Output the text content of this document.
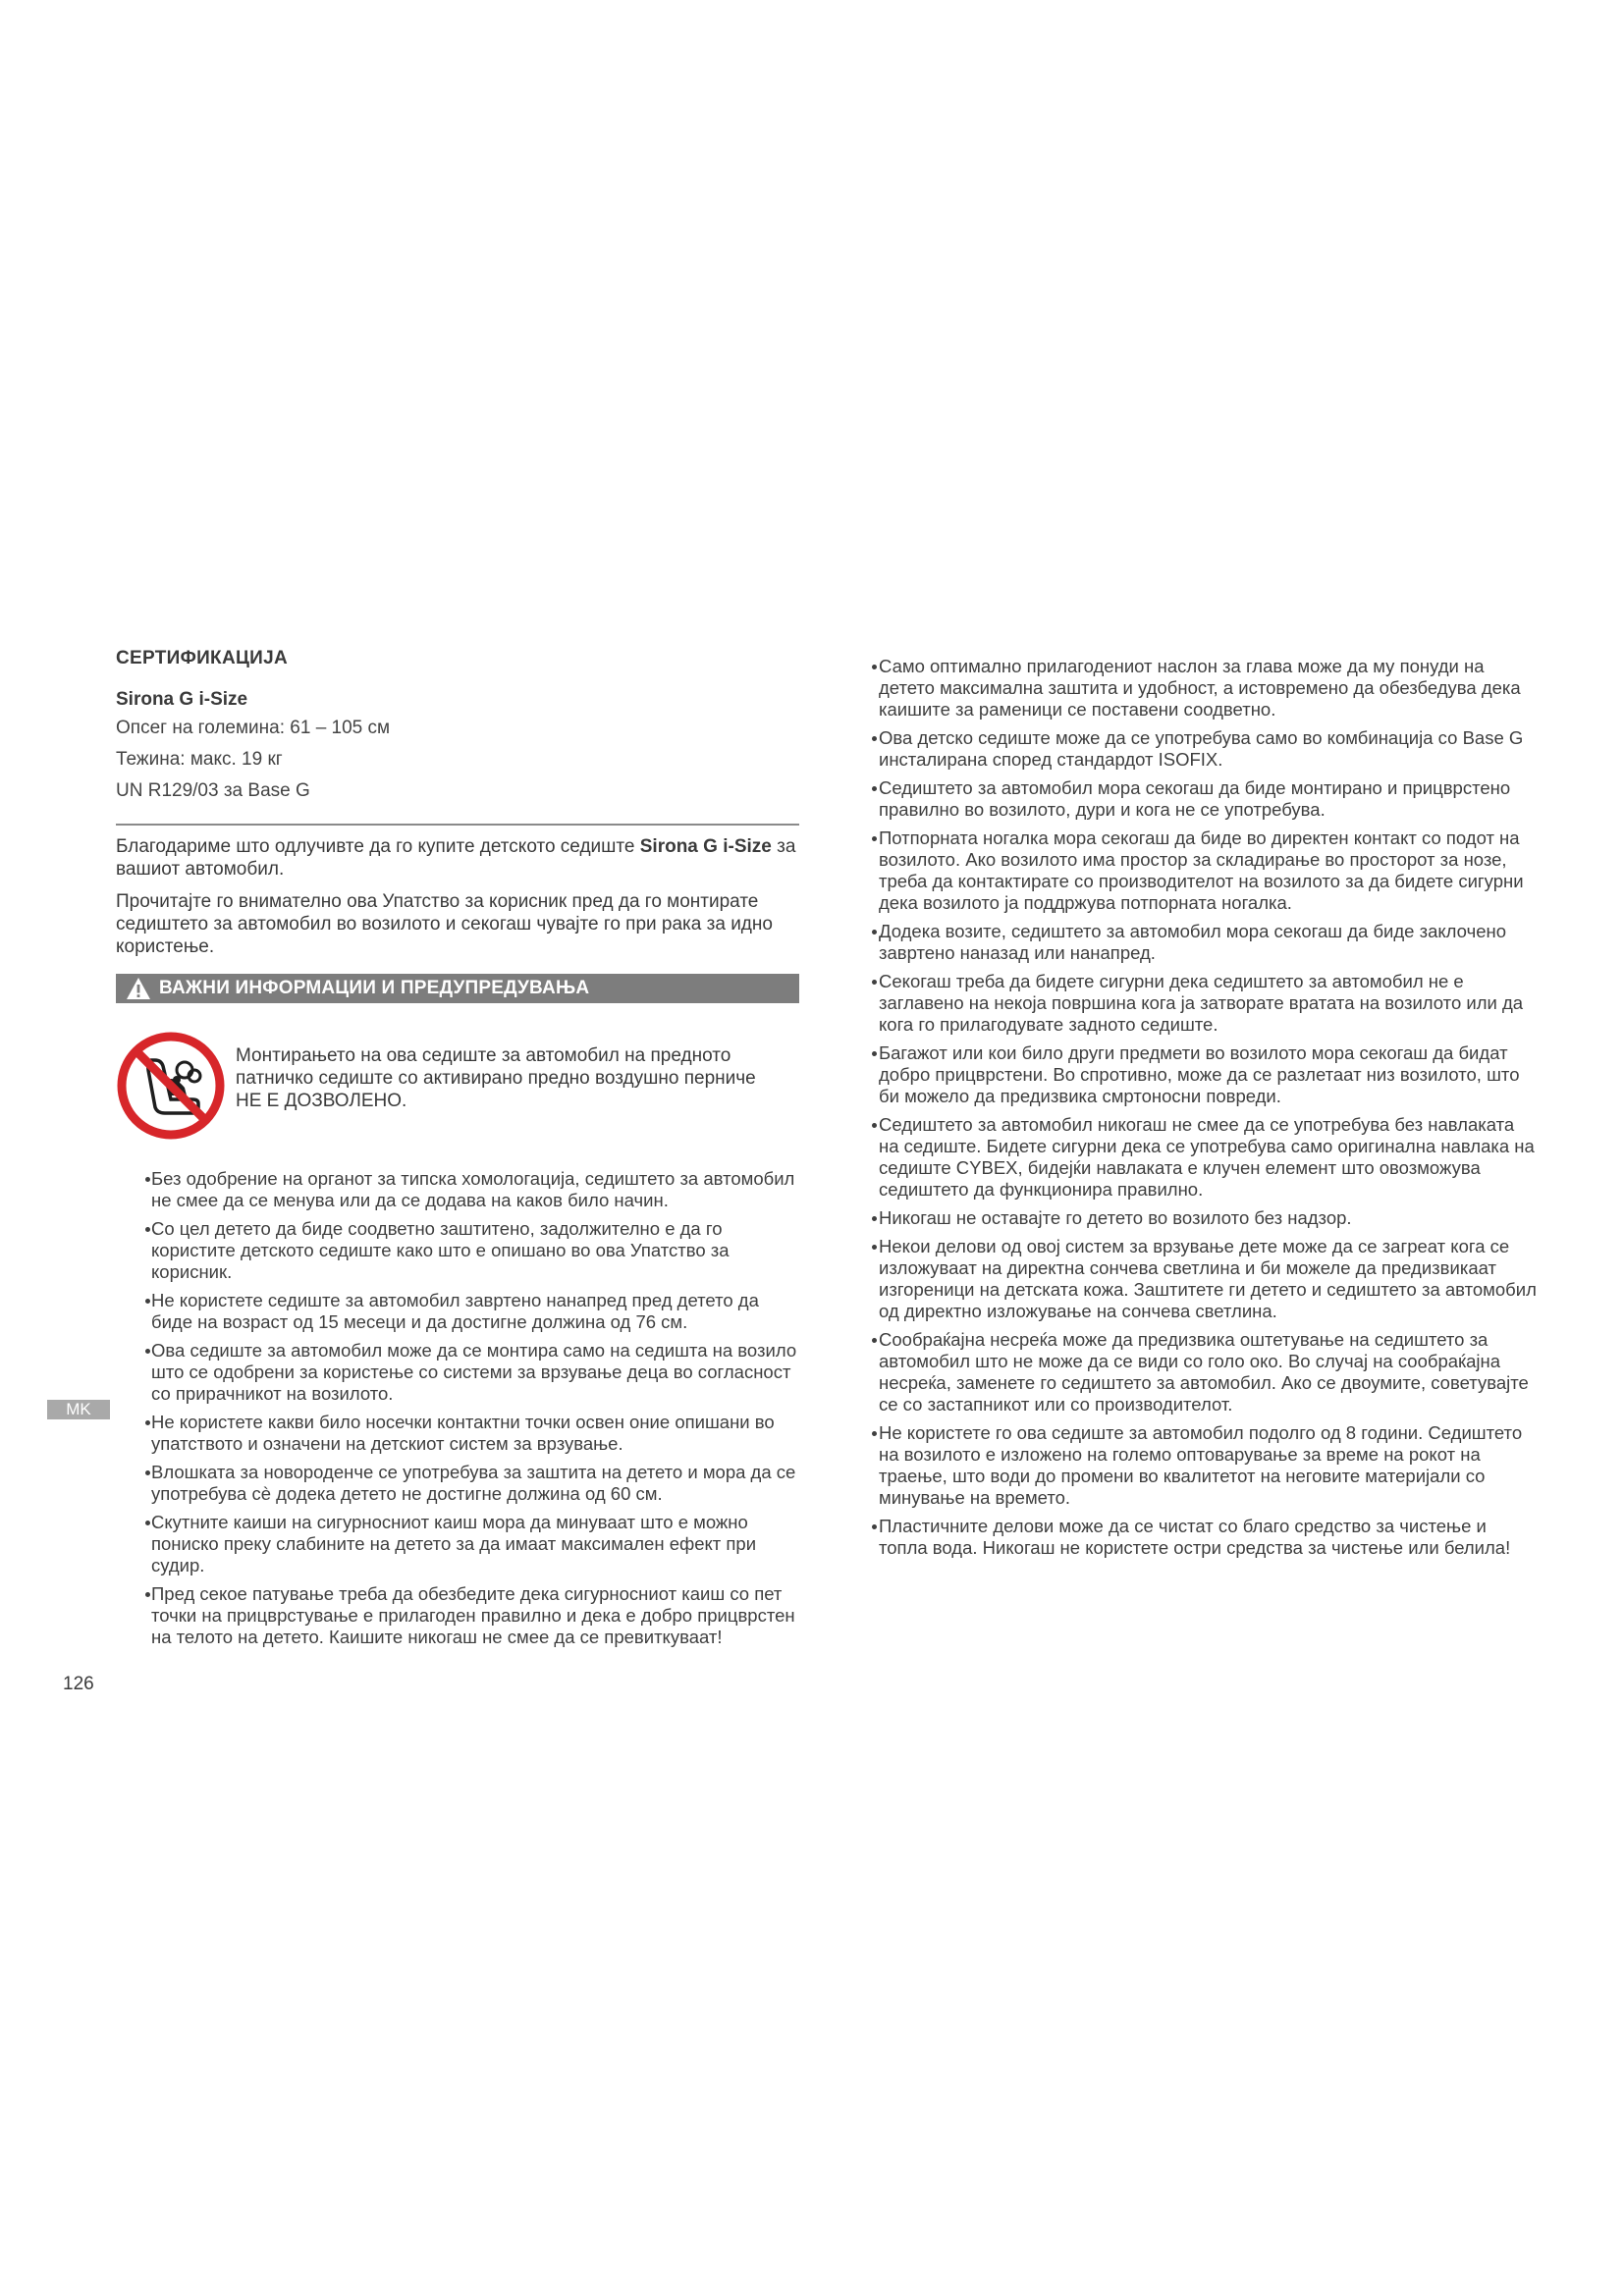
СЕРТИФИКАЦИЈА
Sirona G i-Size
Опсег на големина: 61 – 105 см
Тежина: макс. 19 кг
UN R129/03 за Base G

Благодариме што одлучивте да го купите детското седиште Sirona G i-Size за вашиот автомобил.

Прочитајте го внимателно ова Упатство за корисник пред да го монтирате седиштето за автомобил во возилото и секогаш чувајте го при рака за идно користење.

ВАЖНИ ИНФОРМАЦИИ И ПРЕДУПРЕДУВАЊА
Монтирањето на ова седиште за автомобил на предното патничко седиште со активирано предно воздушно перниче НЕ Е ДОЗВОЛЕНО.
Без одобрение на органот за типска хомологација, седиштето за автомобил не смее да се менува или да се додава на каков било начин.
Со цел детето да биде соодветно заштитено, задолжително е да го користите детското седиште како што е опишано во ова Упатство за корисник.
Не користете седиште за автомобил завртено нанапред пред детето да биде на возраст од 15 месеци и да достигне должина од 76 см.
Ова седиште за автомобил може да се монтира само на седишта на возило што се одобрени за користење со системи за врзување деца во согласност со прирачникот на возилото.
Не користете какви било носечки контактни точки освен оние опишани во упатството и означени на детскиот систем за врзување.
Влошката за новороденче се употребува за заштита на детето и мора да се употребува сè додека детето не достигне должина од 60 см.
Скутните каиши на сигурносниот каиш мора да минуваат што е можно пониско преку слабините на детето за да имаат максимален ефект при судир.
Пред секое патување треба да обезбедите дека сигурносниот каиш со пет точки на прицврстување е прилагоден правилно и дека е добро прицврстен на телото на детето. Каишите никогаш не смее да се превиткуваат!
Само оптимално прилагодениот наслон за глава може да му понуди на детето максимална заштита и удобност, а истовремено да обезбедува дека каишите за раменици се поставени соодветно.
Ова детско седиште може да се употребува само во комбинација со Base G инсталирана според стандардот ISOFIX.
Седиштето за автомобил мора секогаш да биде монтирано и прицврстено правилно во возилото, дури и кога не се употребува.
Потпорната ногалка мора секогаш да биде во директен контакт со подот на возилото. Ако возилото има простор за складирање во просторот за нозе, треба да контактирате со производителот на возилото за да бидете сигурни дека возилото ја поддржува потпорната ногалка.
Додека возите, седиштето за автомобил мора секогаш да биде заклочено завртено наназад или нанапред.
Секогаш треба да бидете сигурни дека седиштето за автомобил не е заглавено на некоја површина кога ја затворате вратата на возилото или да кога го прилагодувате задното седиште.
Багажот или кои било други предмети во возилото мора секогаш да бидат добро прицврстени. Во спротивно, може да се разлетаат низ возилото, што би можело да предизвика смртоносни повреди.
Седиштето за автомобил никогаш не смее да се употребува без навлаката на седиште. Бидете сигурни дека се употребува само оригинална навлака на седиште CYBEX, бидејќи навлаката е клучен елемент што овозможува седиштето да функционира правилно.
Никогаш не оставајте го детето во возилото без надзор.
Некои делови од овој систем за врзување дете може да се загреат кога се изложуваат на директна сончева светлина и би можеле да предизвикаат изгореници на детската кожа. Заштитете ги детето и седиштето за автомобил од директно изложување на сончева светлина.
Сообраќајна несреќа може да предизвика оштетување на седиштето за автомобил што не може да се види со голо око. Во случај на сообраќајна несреќа, заменете го седиштето за автомобил. Ако се двоумите, советувајте се со застапникот или со производителот.
Не користете го ова седиште за автомобил подолго од 8 години. Седиштето на возилото е изложено на големо оптоварување за време на рокот на траење, што води до промени во квалитетот на неговите материјали со минување на времето.
Пластичните делови може да се чистат со благо средство за чистење и топла вода. Никогаш не користете остри средства за чистење или белила!
MK
126
